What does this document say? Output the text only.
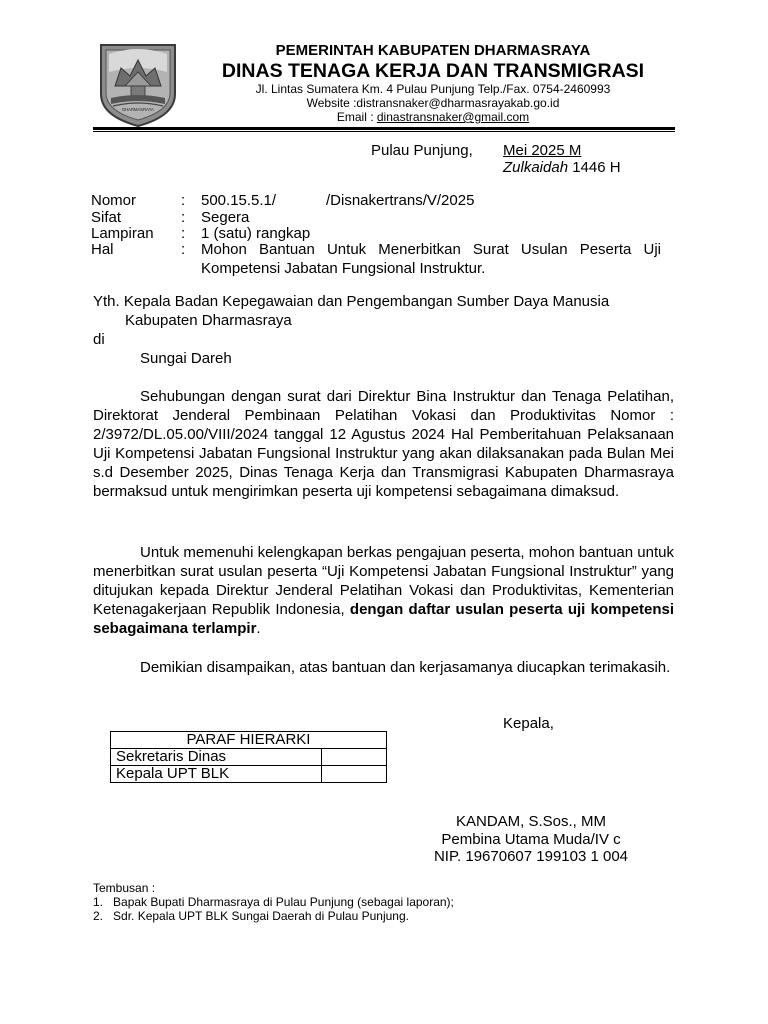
DHARMASRAYA
PEMERINTAH KABUPATEN DHARMASRAYA
DINAS TENAGA KERJA DAN TRANSMIGRASI
Jl. Lintas Sumatera Km. 4 Pulau Punjung Telp./Fax. 0754-2460993
Website :distransnaker@dharmasrayakab.go.id
Email : dinastransnaker@gmail.com
Pulau Punjung, Mei 2025 M
Zulkaidah 1446 H
Nomor	: 500.15.5.1/	/Disnakertrans/V/2025
Sifat	: Segera
Lampiran : 1 (satu) rangkap
Hal	: Mohon Bantuan Untuk Menerbitkan Surat Usulan Peserta Uji Kompetensi Jabatan Fungsional Instruktur.
Yth. Kepala Badan Kepegawaian dan Pengembangan Sumber Daya Manusia
Kabupaten Dharmasraya
di
Sungai Dareh
Sehubungan dengan surat dari Direktur Bina Instruktur dan Tenaga Pelatihan, Direktorat Jenderal Pembinaan Pelatihan Vokasi dan Produktivitas Nomor : 2/3972/DL.05.00/VIII/2024 tanggal 12 Agustus 2024 Hal Pemberitahuan Pelaksanaan Uji Kompetensi Jabatan Fungsional Instruktur yang akan dilaksanakan pada Bulan Mei s.d Desember 2025, Dinas Tenaga Kerja dan Transmigrasi Kabupaten Dharmasraya bermaksud untuk mengirimkan peserta uji kompetensi sebagaimana dimaksud.
Untuk memenuhi kelengkapan berkas pengajuan peserta, mohon bantuan untuk menerbitkan surat usulan peserta “Uji Kompetensi Jabatan Fungsional Instruktur” yang ditujukan kepada Direktur Jenderal Pelatihan Vokasi dan Produktivitas, Kementerian Ketenagakerjaan Republik Indonesia, dengan daftar usulan peserta uji kompetensi sebagaimana terlampir.
Demikian disampaikan, atas bantuan dan kerjasamanya diucapkan terimakasih.
Kepala,
PARAF HIERARKI	
Sekretaris Dinas	
Kepala UPT BLK	
KANDAM, S.Sos., MM
Pembina Utama Muda/IV c
NIP. 19670607 199103 1 004
Tembusan :
1.   Bapak Bupati Dharmasraya di Pulau Punjung (sebagai laporan);
2.   Sdr. Kepala UPT BLK Sungai Daerah di Pulau Punjung.
